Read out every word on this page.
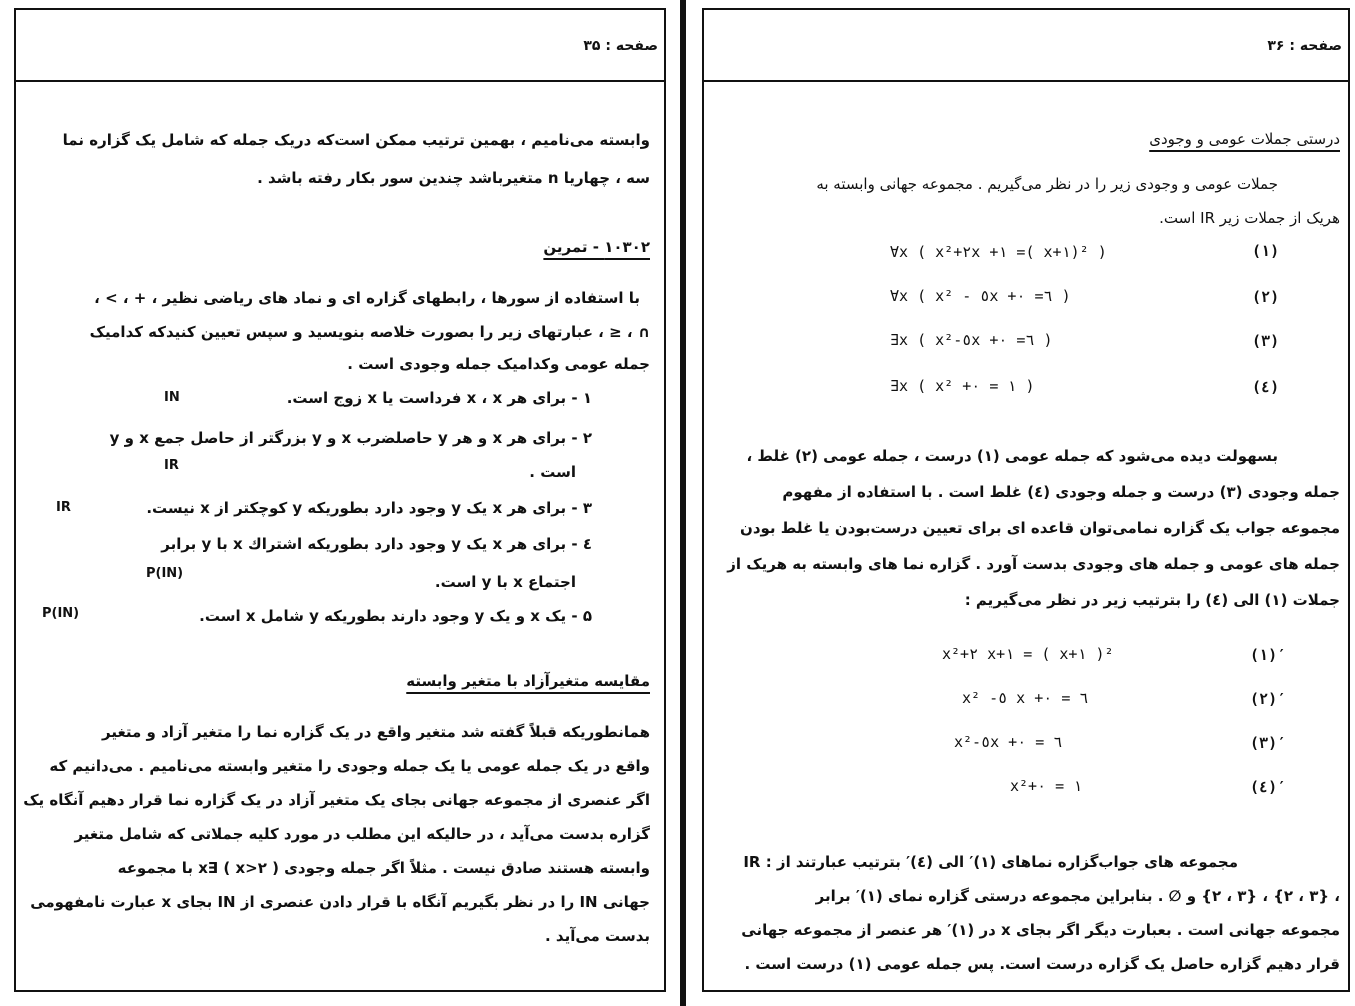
صفحه : ۳۵
وابسته می‌نامیم ، بهمین ترتیب ممکن است‌که دریک جمله که شامل یک گزاره نما
سه ، چهاریا n متغیرباشد چندین سور بکار رفته باشد .
۱۰۳۰۲ - تمرین
با استفاده از سورها ، رابطهای گزاره ای و نماد های ریاضی نظیر ، + ، > ،
∩ ، ≤ ، عبارتهای زیر را بصورت خلاصه بنویسید و سپس تعیین کنیدکه کدامیک
جمله عومی وکدامیک جمله وجودی است .
۱ - برای هر x ، x فرداست یا x زوج است.
IN
۲ - برای هر x و هر y حاصلضرب x و y بزرگتر از حاصل جمع x و y
IR	است .
۳ - برای هر x یک y وجود دارد بطوریکه y کوچکتر از x نیست.
IR
٤ - برای هر x یک y وجود دارد بطوریکه اشتراك x با y برابر
P(IN)	اجتماع x با y است.
۵ - یک x و یک y وجود دارند بطوریکه y شامل x است.
P(IN)
مقایسه متغیرآزاد با متغیر وابسته
همانطوریکه قبلاً گفته شد متغیر واقع در یک گزاره نما را متغیر آزاد و متغیر
واقع در یک جمله عومی یا یک جمله وجودی را متغیر وابسته می‌نامیم . می‌دانیم که
اگر عنصری از مجموعه جهانی بجای یک متغیر آزاد در یک گزاره نما قرار دهیم آنگاه یک
گزاره بدست می‌آید ، در حالیکه این مطلب در مورد کلیه جملاتی که شامل متغیر
وابسته هستند صادق نیست . مثلاً اگر جمله وجودی ( x>۲ ) ∃x با مجموعه
جهانی IN را در نظر بگیریم آنگاه با قرار دادن عنصری از IN بجای x عبارت نامفهومی
بدست می‌آید .
صفحه : ۳۶
درستی جملات عومی و وجودی
جملات عومی و وجودی زیر را در نظر می‌گیریم . مجموعه جهانی وابسته به
هریک از جملات زیر IR است.
∀x ( x²+٢x +١ =( x+١)² )	(١)
∀x ( x² - ٥x +٦= ٠ )	(٢)
∃x ( x²-٥x +٦= ٠ )	(٣)
∃x ( x² +١ = ٠ )	(٤)
بسهولت دیده می‌شود که جمله عومی (١) درست ، جمله عومی (٢) غلط ،
جمله وجودی (٣) درست و جمله وجودی (٤) غلط است . با استفاده از مفهوم
مجموعه جواب یک گزاره نمامی‌توان قاعده ای برای تعیین درست‌بودن یا غلط بودن
جمله های عومی و جمله های وجودی بدست آورد . گزاره نما های وابسته به هریک از
جملات (١) الی (٤) را بترتیب زیر در نظر می‌گیریم :
x²+٢ x+١ = ( x+١ )²	(١)′
x² -٥ x +٦ = ٠	(٢)′
x²-٥x +٦ = ٠	(٣)′
x²+١ = ٠	(٤)′
مجموعه های جواب‌گزاره نماهای (١)′ الی (٤)′ بترتیب عبارتند از : IR
، {٣ ، ٢} ، {٣ ، ٢} و ∅ . بنابراین مجموعه درستی گزاره نمای (١)′ برابر
مجموعه جهانی است . بعبارت دیگر اگر بجای x در (١)′ هر عنصر از مجموعه جهانی
قرار دهیم گزاره حاصل یک گزاره درست است. پس جمله عومی (١) درست است .
